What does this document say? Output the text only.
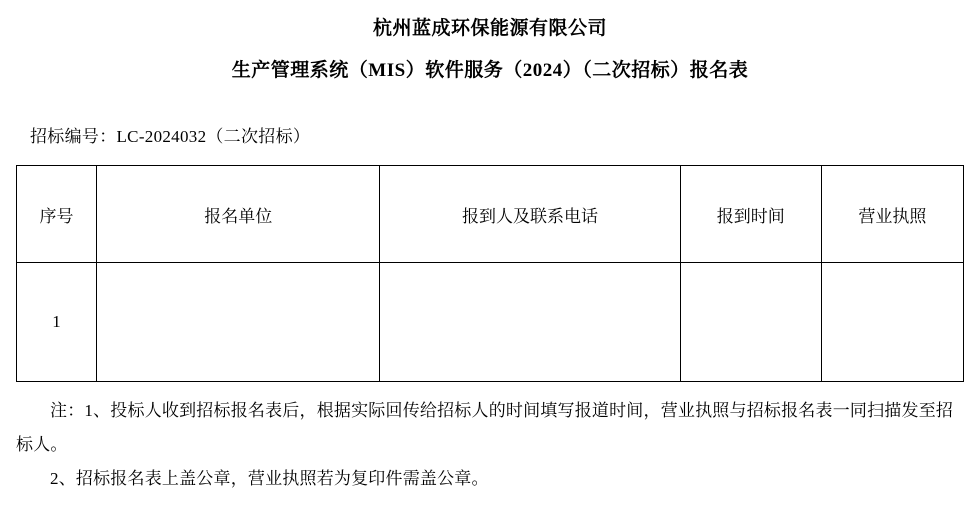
杭州蓝成环保能源有限公司
生产管理系统（MIS）软件服务（2024）（二次招标）报名表
招标编号：LC-2024032（二次招标）
序号	报名单位	报到人及联系电话	报到时间	营业执照
1				
注：1、投标人收到招标报名表后，根据实际回传给招标人的时间填写报道时间，营业执照与招标报名表一同扫描发至招标人。
2、招标报名表上盖公章，营业执照若为复印件需盖公章。
